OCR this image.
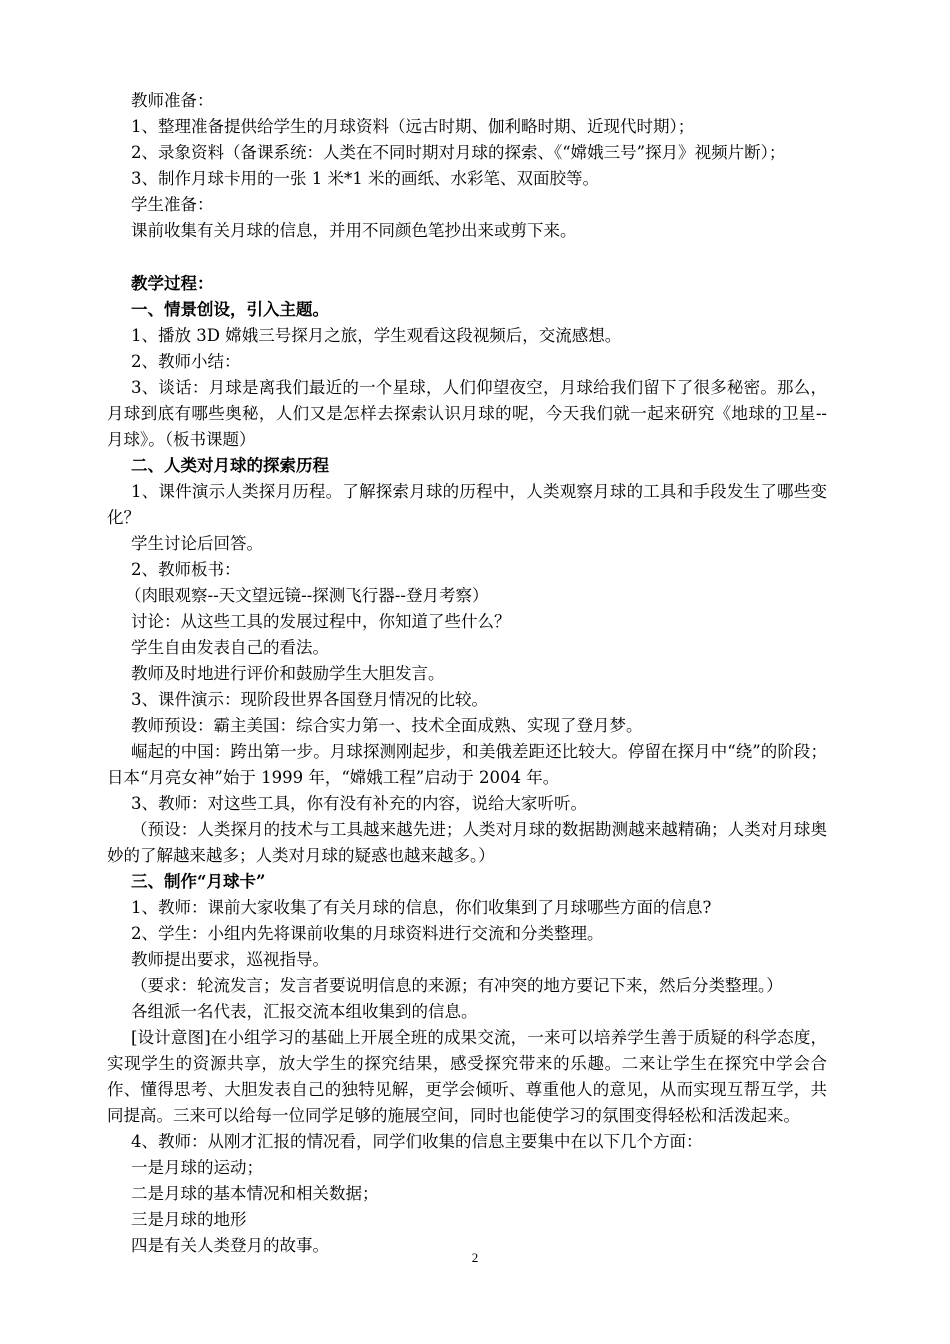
教师准备：

1、整理准备提供给学生的月球资料（远古时期、伽利略时期、近现代时期）；

2、录象资料（备课系统：人类在不同时期对月球的探索、《“嫦娥三号”探月》视频片断）；

3、制作月球卡用的一张 1 米*1 米的画纸、水彩笔、双面胶等。

学生准备：

课前收集有关月球的信息，并用不同颜色笔抄出来或剪下来。

教学过程：

一、情景创设，引入主题。

1、播放 3D 嫦娥三号探月之旅，学生观看这段视频后，交流感想。

2、教师小结：

3、谈话：月球是离我们最近的一个星球，人们仰望夜空，月球给我们留下了很多秘密。那么，月球到底有哪些奥秘，人们又是怎样去探索认识月球的呢，今天我们就一起来研究《地球的卫星--月球》。（板书课题）

二、人类对月球的探索历程

1、课件演示人类探月历程。了解探索月球的历程中，人类观察月球的工具和手段发生了哪些变化？

学生讨论后回答。

2、教师板书：

（肉眼观察--天文望远镜--探测飞行器--登月考察）

讨论：从这些工具的发展过程中，你知道了些什么？

学生自由发表自己的看法。

教师及时地进行评价和鼓励学生大胆发言。

3、课件演示：现阶段世界各国登月情况的比较。

教师预设：霸主美国：综合实力第一、技术全面成熟、实现了登月梦。

崛起的中国：跨出第一步。月球探测刚起步，和美俄差距还比较大。停留在探月中“绕”的阶段；日本“月亮女神”始于 1999 年，“嫦娥工程”启动于 2004 年。

3、教师：对这些工具，你有没有补充的内容，说给大家听听。

（预设：人类探月的技术与工具越来越先进；人类对月球的数据勘测越来越精确；人类对月球奥妙的了解越来越多；人类对月球的疑惑也越来越多。）

三、制作“月球卡”

1、教师：课前大家收集了有关月球的信息，你们收集到了月球哪些方面的信息?

2、学生：小组内先将课前收集的月球资料进行交流和分类整理。

教师提出要求，巡视指导。

（要求：轮流发言；发言者要说明信息的来源；有冲突的地方要记下来，然后分类整理。）

各组派一名代表，汇报交流本组收集到的信息。

[设计意图]在小组学习的基础上开展全班的成果交流，一来可以培养学生善于质疑的科学态度，实现学生的资源共享，放大学生的探究结果，感受探究带来的乐趣。二来让学生在探究中学会合作、懂得思考、大胆发表自己的独特见解，更学会倾听、尊重他人的意见，从而实现互帮互学，共同提高。三来可以给每一位同学足够的施展空间，同时也能使学习的氛围变得轻松和活泼起来。

4、教师：从刚才汇报的情况看，同学们收集的信息主要集中在以下几个方面：

一是月球的运动；

二是月球的基本情况和相关数据；

三是月球的地形

四是有关人类登月的故事。

2
